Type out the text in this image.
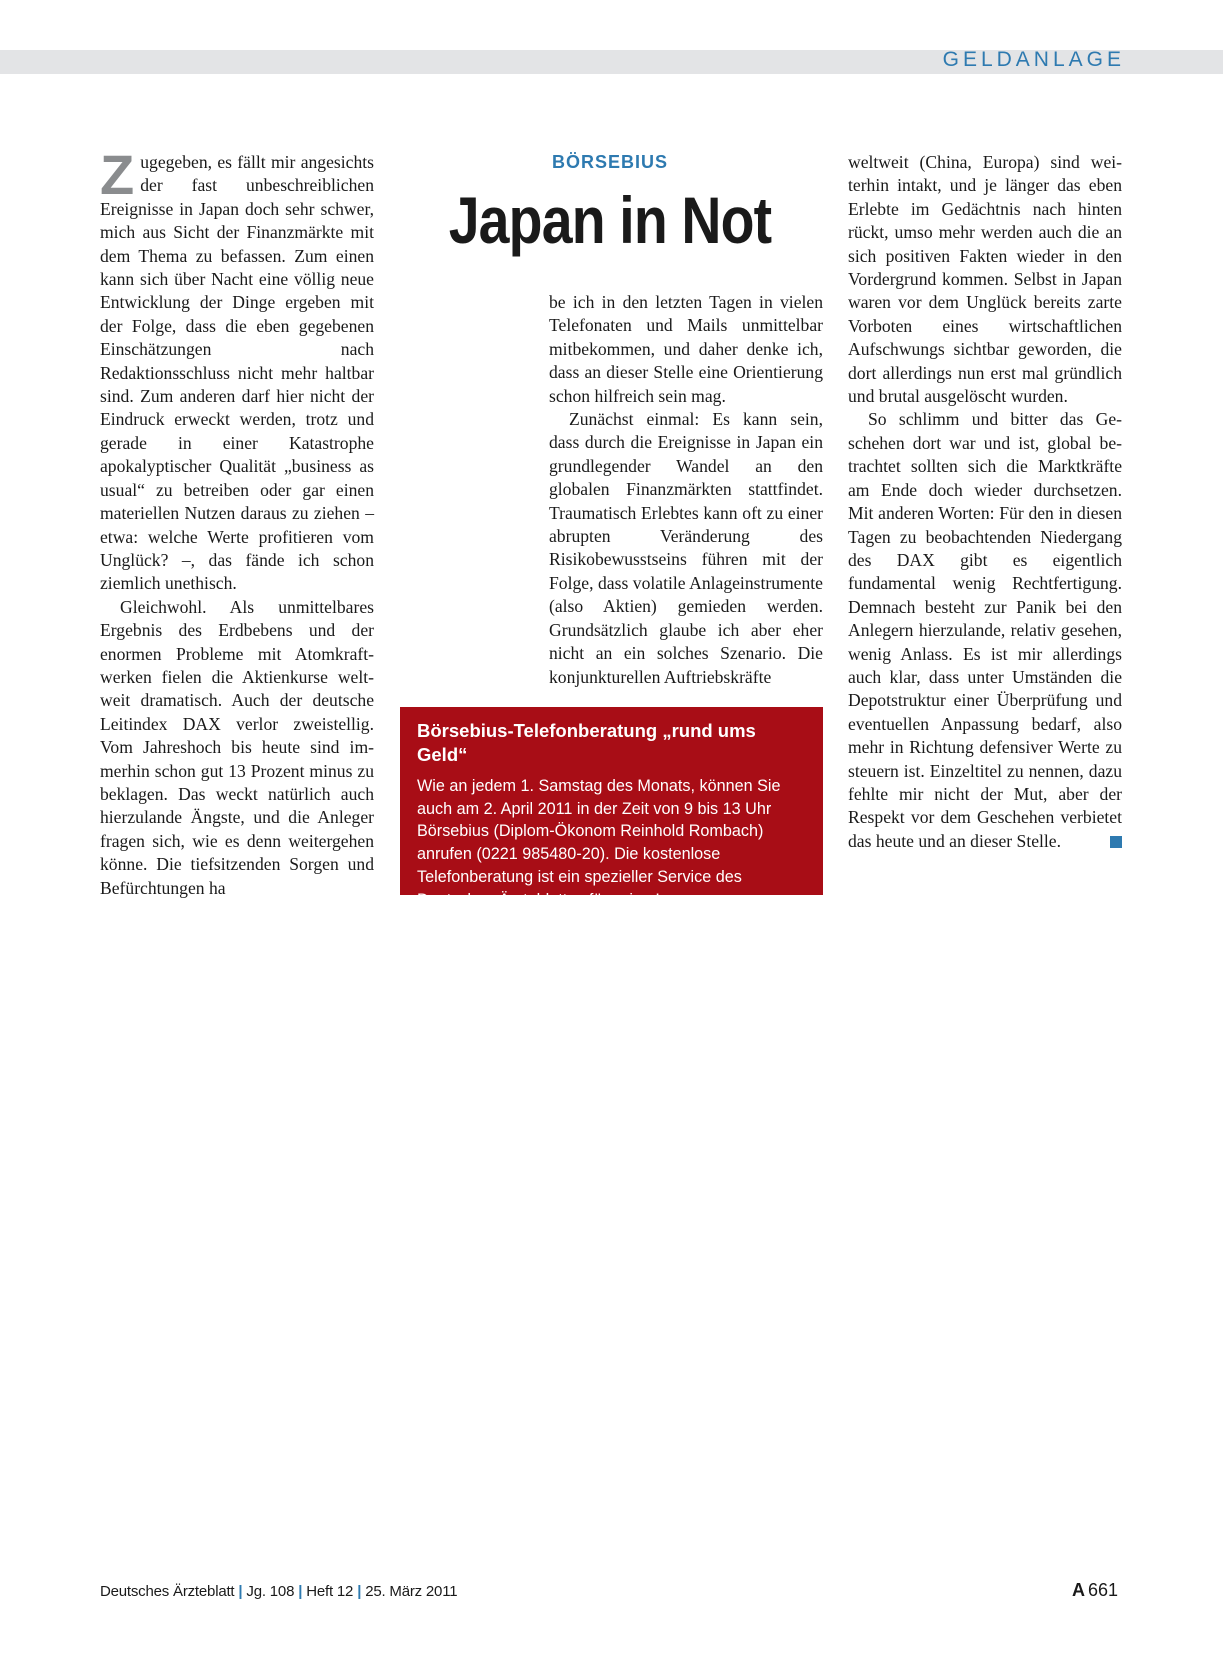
GELDANLAGE
Z ugegeben, es fällt mir angesichts der fast unbeschreiblichen Ereignisse in Japan doch sehr schwer, mich aus Sicht der Finanzmärkte mit dem Thema zu befassen. Zum einen kann sich über Nacht eine völlig neue Entwicklung der Dinge ergeben mit der Folge, dass die eben gegebenen Einschätzungen nach Redaktionsschluss nicht mehr haltbar sind. Zum anderen darf hier nicht der Eindruck erweckt werden, trotz und gerade in einer Katastrophe apokalyptischer Qualität „business as usual“ zu betreiben oder gar einen materiellen Nutzen daraus zu ziehen – etwa: welche Werte profitieren vom Unglück? –, das fände ich schon ziemlich unethisch.

Gleichwohl. Als unmittelbares Ergebnis des Erdbebens und der enormen Probleme mit Atomkraftwerken fielen die Aktienkurse weltweit dramatisch. Auch der deutsche Leitindex DAX verlor zweistellig. Vom Jahreshoch bis heute sind immerhin schon gut 13 Prozent minus zu beklagen. Das weckt natürlich auch hierzulande Ängste, und die Anleger fragen sich, wie es denn weitergehen könne. Die tiefsitzenden Sorgen und Befürchtungen ha

BÖRSEBIUS
Japan in Not

be ich in den letzten Tagen in vielen Telefonaten und Mails unmittelbar mitbekommen, und daher denke ich, dass an dieser Stelle eine Orientierung schon hilfreich sein mag.

Zunächst einmal: Es kann sein, dass durch die Ereignisse in Japan ein grundlegender Wandel an den globalen Finanzmärkten stattfindet. Traumatisch Erlebtes kann oft zu einer abrupten Veränderung des Risikobewusstseins führen mit der Folge, dass volatile Anlageinstrumente (also Aktien) gemieden werden. Grundsätzlich glaube ich aber eher nicht an ein solches Szenario. Die konjunkturellen Auftriebskräfte

Börsebius-Telefonberatung „rund ums Geld“
Wie an jedem 1. Samstag des Monats, können Sie auch am 2. April 2011 in der Zeit von 9 bis 13 Uhr Börsebius (Diplom-Ökonom Reinhold Rombach) anrufen (0221 985480-20). Die kostenlose Telefonberatung ist ein spezieller Service des Deutschen Ärzteblattes für seine Leser.

weltweit (China, Europa) sind weiterhin intakt, und je länger das eben Erlebte im Gedächtnis nach hinten rückt, umso mehr werden auch die an sich positiven Fakten wieder in den Vordergrund kommen. Selbst in Japan waren vor dem Unglück bereits zarte Vorboten eines wirtschaftlichen Aufschwungs sichtbar geworden, die dort allerdings nun erst mal gründlich und brutal ausgelöscht wurden.

So schlimm und bitter das Geschehen dort war und ist, global betrachtet sollten sich die Marktkräfte am Ende doch wieder durchsetzen. Mit anderen Worten: Für den in diesen Tagen zu beobachtenden Niedergang des DAX gibt es eigentlich fundamental wenig Rechtfertigung. Demnach besteht zur Panik bei den Anlegern hierzulande, relativ gesehen, wenig Anlass. Es ist mir allerdings auch klar, dass unter Umständen die Depotstruktur einer Überprüfung und eventuellen Anpassung bedarf, also mehr in Richtung defensiver Werte zu steuern ist. Einzeltitel zu nennen, dazu fehlte mir nicht der Mut, aber der Respekt vor dem Geschehen verbietet das heute und an dieser Stelle.

Deutsches Ärzteblatt | Jg. 108 | Heft 12 | 25. März 2011	A 661
